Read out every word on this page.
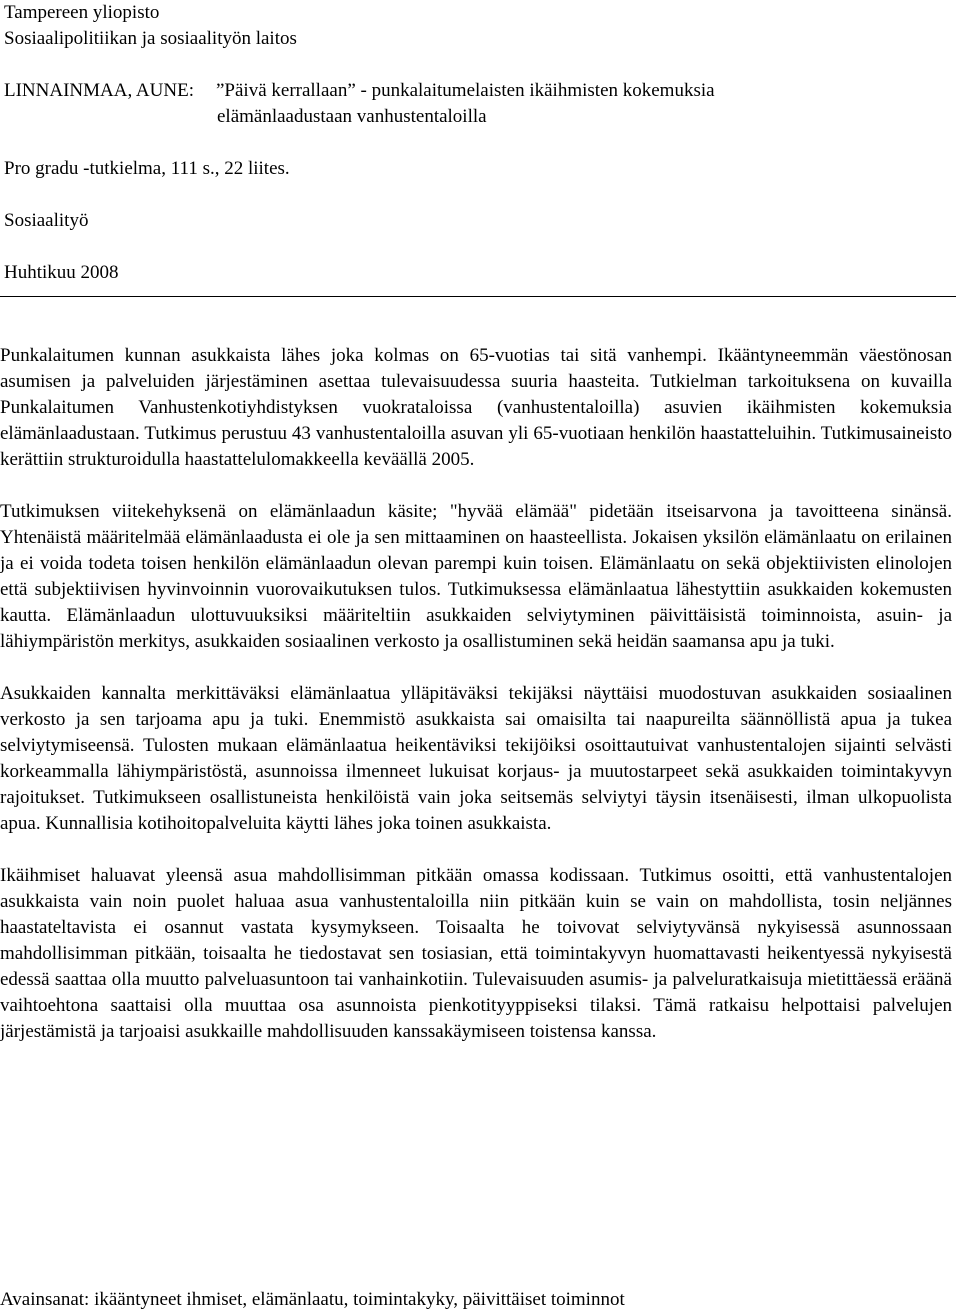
Tampereen yliopisto

Sosiaalipolitiikan ja sosiaalityön laitos

LINNAINMAA, AUNE: ”Päivä kerrallaan” - punkalaitumelaisten ikäihmisten kokemuksia

elämänlaadustaan vanhustentaloilla

Pro gradu -tutkielma, 111 s., 22 liites.

Sosiaalityö

Huhtikuu 2008

Punkalaitumen kunnan asukkaista lähes joka kolmas on 65-vuotias tai sitä vanhempi. Ikääntyneemmän väestönosan asumisen ja palveluiden järjestäminen asettaa tulevaisuudessa suuria haasteita. Tutkielman tarkoituksena on kuvailla Punkalaitumen Vanhustenkotiyhdistyksen vuokrataloissa (vanhustentaloilla) asuvien ikäihmisten kokemuksia elämänlaadustaan. Tutkimus perustuu 43 vanhustentaloilla asuvan yli 65-vuotiaan henkilön haastatteluihin. Tutkimusaineisto kerättiin strukturoidulla haastattelulomakkeella keväällä 2005.

Tutkimuksen viitekehyksenä on elämänlaadun käsite; "hyvää elämää" pidetään itseisarvona ja tavoitteena sinänsä. Yhtenäistä määritelmää elämänlaadusta ei ole ja sen mittaaminen on haasteellista. Jokaisen yksilön elämänlaatu on erilainen ja ei voida todeta toisen henkilön elämänlaadun olevan parempi kuin toisen. Elämänlaatu on sekä objektiivisten elinolojen että subjektiivisen hyvinvoinnin vuorovaikutuksen tulos. Tutkimuksessa elämänlaatua lähestyttiin asukkaiden kokemusten kautta. Elämänlaadun ulottuvuuksiksi määriteltiin asukkaiden selviytyminen päivittäisistä toiminnoista, asuin- ja lähiympäristön merkitys, asukkaiden sosiaalinen verkosto ja osallistuminen sekä heidän saamansa apu ja tuki.

Asukkaiden kannalta merkittäväksi elämänlaatua ylläpitäväksi tekijäksi näyttäisi muodostuvan asukkaiden sosiaalinen verkosto ja sen tarjoama apu ja tuki. Enemmistö asukkaista sai omaisilta tai naapureilta säännöllistä apua ja tukea selviytymiseensä. Tulosten mukaan elämänlaatua heikentäviksi tekijöiksi osoittautuivat vanhustentalojen sijainti selvästi korkeammalla lähiympäristöstä, asunnoissa ilmenneet lukuisat korjaus- ja muutostarpeet sekä asukkaiden toimintakyvyn rajoitukset. Tutkimukseen osallistuneista henkilöistä vain joka seitsemäs selviytyi täysin itsenäisesti, ilman ulkopuolista apua. Kunnallisia kotihoitopalveluita käytti lähes joka toinen asukkaista.

Ikäihmiset haluavat yleensä asua mahdollisimman pitkään omassa kodissaan. Tutkimus osoitti, että vanhustentalojen asukkaista vain noin puolet haluaa asua vanhustentaloilla niin pitkään kuin se vain on mahdollista, tosin neljännes haastateltavista ei osannut vastata kysymykseen. Toisaalta he toivovat selviytyvänsä nykyisessä asunnossaan mahdollisimman pitkään, toisaalta he tiedostavat sen tosiasian, että toimintakyvyn huomattavasti heikentyessä nykyisestä edessä saattaa olla muutto palveluasuntoon tai vanhainkotiin. Tulevaisuuden asumis- ja palveluratkaisuja mietittäessä eräänä vaihtoehtona saattaisi olla muuttaa osa asunnoista pienkotityyppiseksi tilaksi. Tämä ratkaisu helpottaisi palvelujen järjestämistä ja tarjoaisi asukkaille mahdollisuuden kanssakäymiseen toistensa kanssa.

Avainsanat: ikääntyneet ihmiset, elämänlaatu, toimintakyky, päivittäiset toiminnot
